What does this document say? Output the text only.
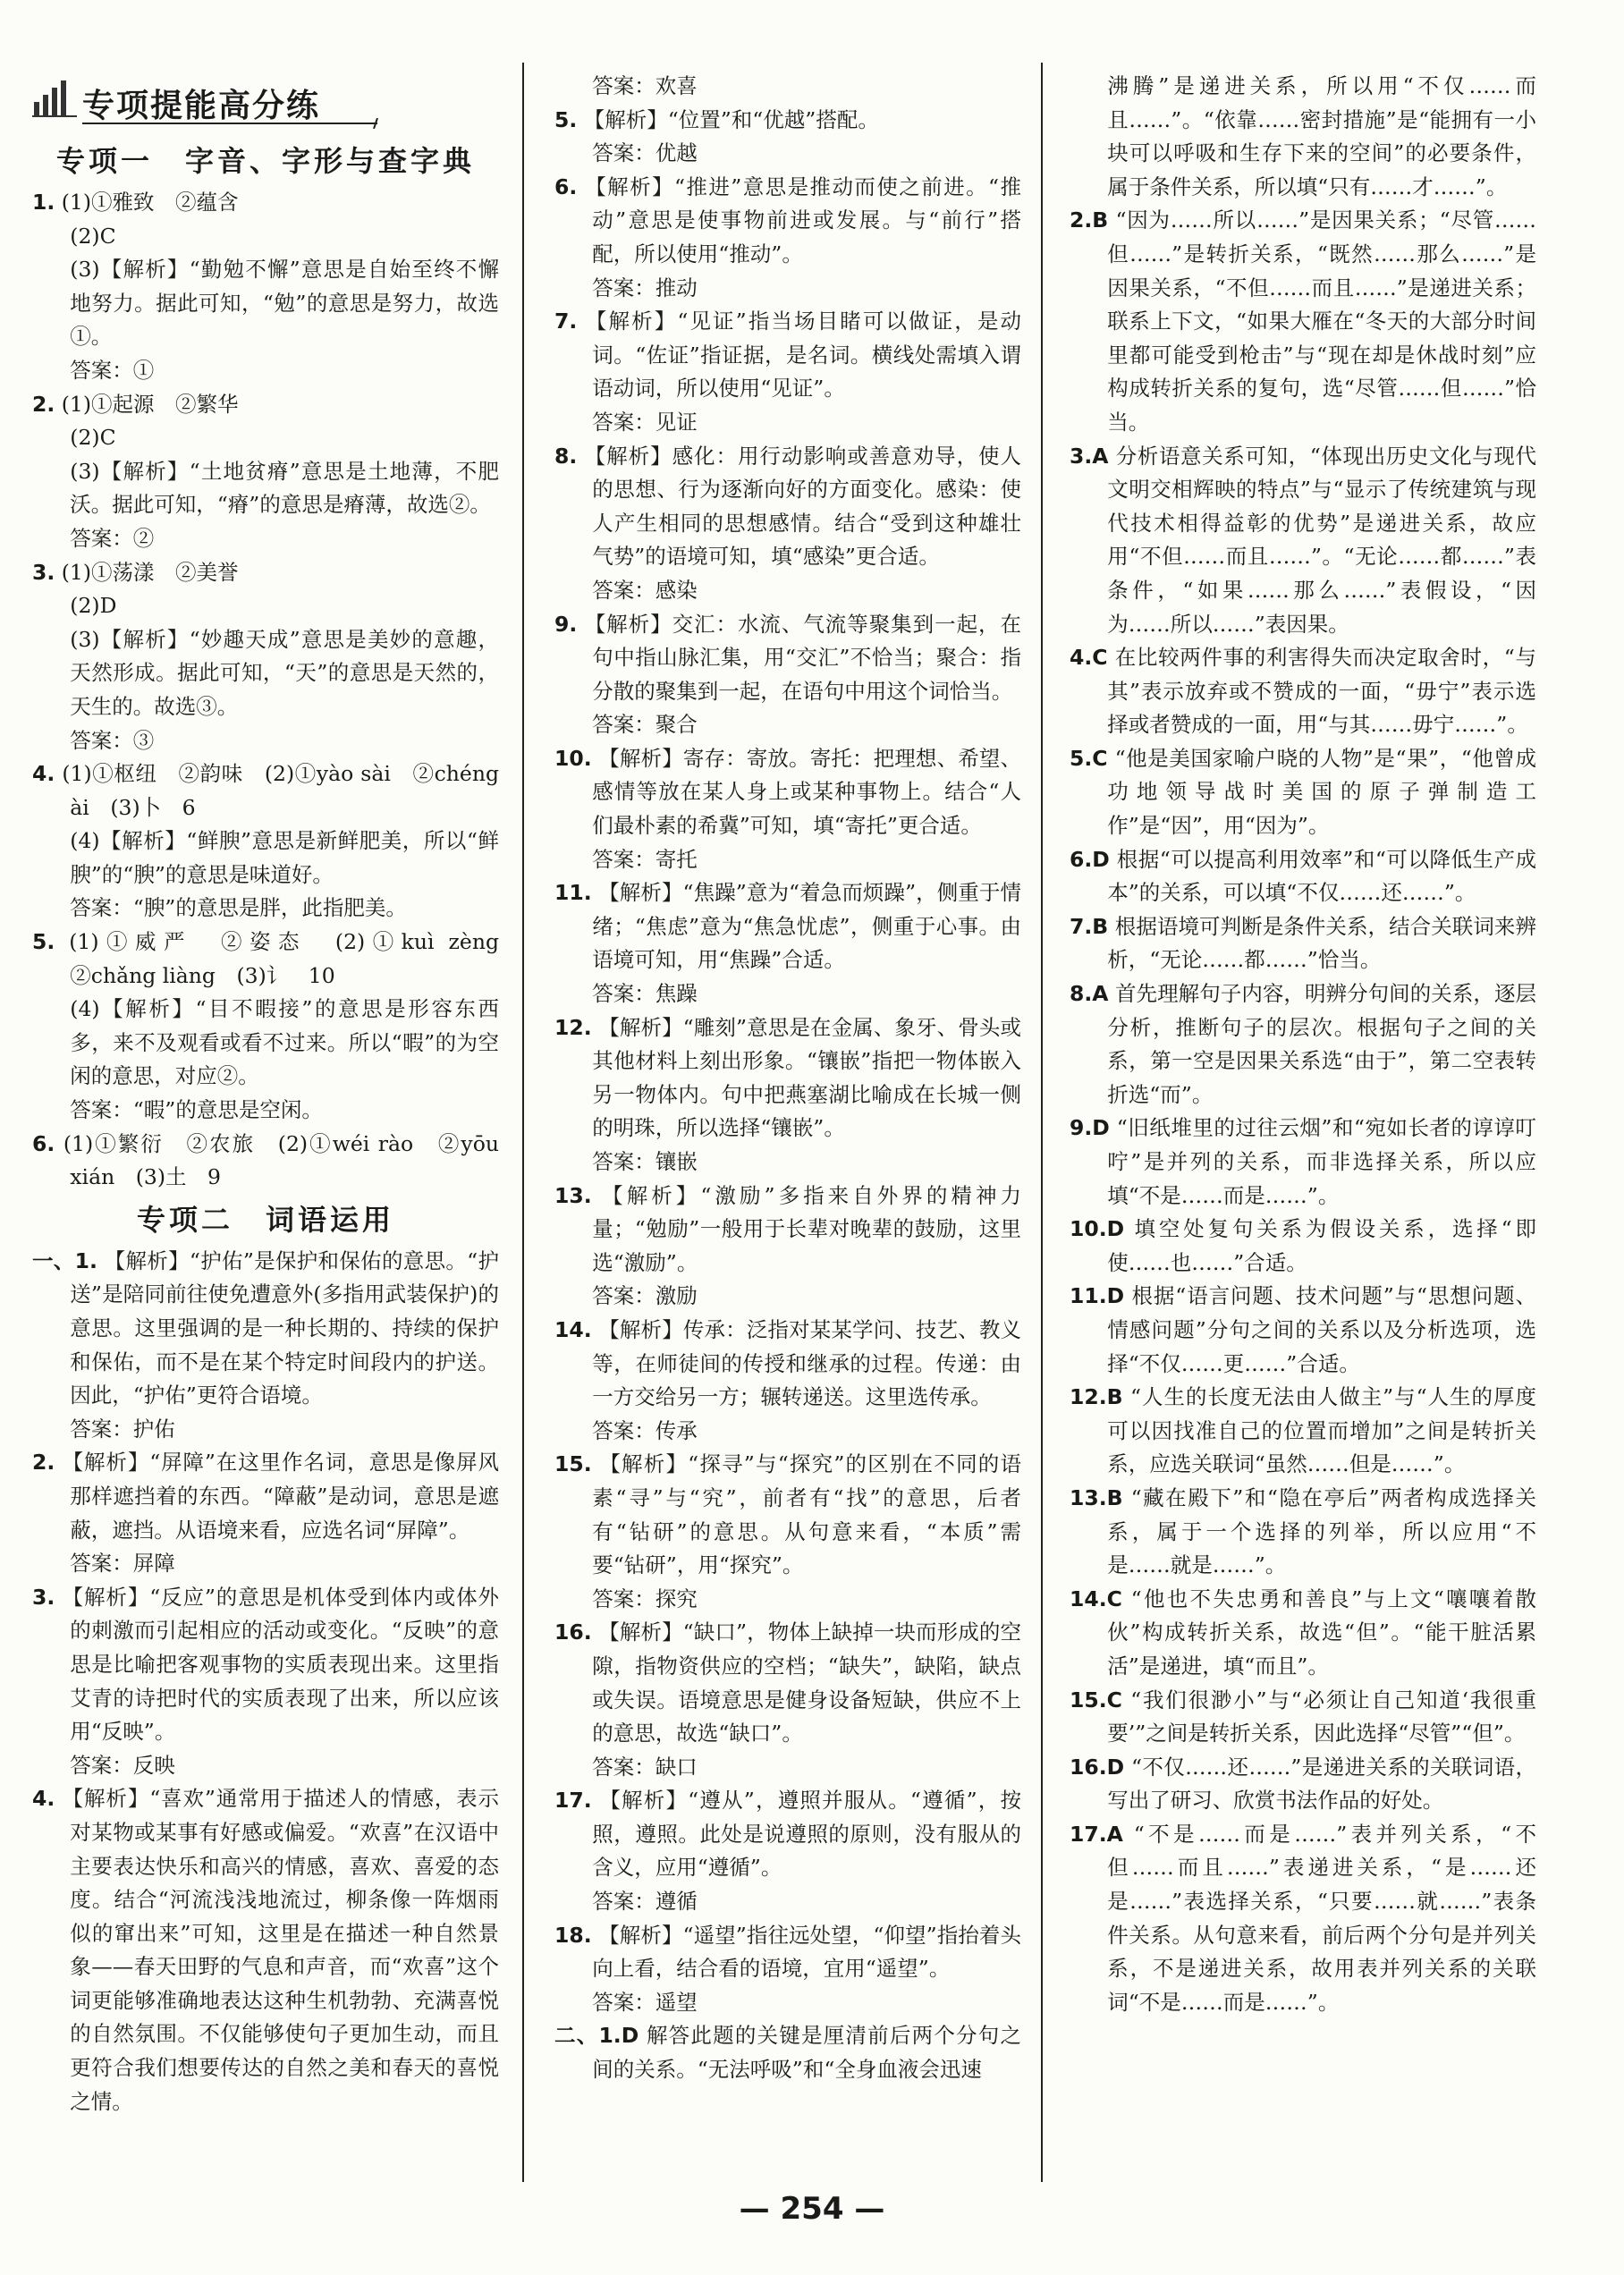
专项提能高分练

专项一　字音、字形与查字典

1. (1)①雅致　②蕴含

(2)C

(3)【解析】“勤勉不懈”意思是自始至终不懈地努力。据此可知，“勉”的意思是努力，故选①。

答案：①

2. (1)①起源　②繁华

(2)C

(3)【解析】“土地贫瘠”意思是土地薄，不肥沃。据此可知，“瘠”的意思是瘠薄，故选②。

答案：②

3. (1)①荡漾　②美誉

(2)D

(3)【解析】“妙趣天成”意思是美妙的意趣，天然形成。据此可知，“天”的意思是天然的，天生的。故选③。

答案：③

4. (1)①枢纽　②韵味　(2)①yào sài　②chéng ài　(3)卜　6

(4)【解析】“鲜腴”意思是新鲜肥美，所以“鲜腴”的“腴”的意思是味道好。

答案：“腴”的意思是胖，此指肥美。

5. (1)①威严　②姿态　(2)①kuì zèng　②chǎng liàng　(3)讠　10

(4)【解析】“目不暇接”的意思是形容东西多，来不及观看或看不过来。所以“暇”的为空闲的意思，对应②。

答案：“暇”的意思是空闲。

6. (1)①繁衍　②农旅　(2)①wéi rào　②yōu xián　(3)土　9

专项二　词语运用

一、1. 【解析】“护佑”是保护和保佑的意思。“护送”是陪同前往使免遭意外(多指用武装保护)的意思。这里强调的是一种长期的、持续的保护和保佑，而不是在某个特定时间段内的护送。因此，“护佑”更符合语境。

答案：护佑

2. 【解析】“屏障”在这里作名词，意思是像屏风那样遮挡着的东西。“障蔽”是动词，意思是遮蔽，遮挡。从语境来看，应选名词“屏障”。

答案：屏障

3. 【解析】“反应”的意思是机体受到体内或体外的刺激而引起相应的活动或变化。“反映”的意思是比喻把客观事物的实质表现出来。这里指艾青的诗把时代的实质表现了出来，所以应该用“反映”。

答案：反映

4. 【解析】“喜欢”通常用于描述人的情感，表示对某物或某事有好感或偏爱。“欢喜”在汉语中主要表达快乐和高兴的情感，喜欢、喜爱的态度。结合“河流浅浅地流过，柳条像一阵烟雨似的窜出来”可知，这里是在描述一种自然景象——春天田野的气息和声音，而“欢喜”这个词更能够准确地表达这种生机勃勃、充满喜悦的自然氛围。不仅能够使句子更加生动，而且更符合我们想要传达的自然之美和春天的喜悦之情。

答案：欢喜

5. 【解析】“位置”和“优越”搭配。

答案：优越

6. 【解析】“推进”意思是推动而使之前进。“推动”意思是使事物前进或发展。与“前行”搭配，所以使用“推动”。

答案：推动

7. 【解析】“见证”指当场目睹可以做证，是动词。“佐证”指证据，是名词。横线处需填入谓语动词，所以使用“见证”。

答案：见证

8. 【解析】感化：用行动影响或善意劝导，使人的思想、行为逐渐向好的方面变化。感染：使人产生相同的思想感情。结合“受到这种雄壮气势”的语境可知，填“感染”更合适。

答案：感染

9. 【解析】交汇：水流、气流等聚集到一起，在句中指山脉汇集，用“交汇”不恰当；聚合：指分散的聚集到一起，在语句中用这个词恰当。

答案：聚合

10. 【解析】寄存：寄放。寄托：把理想、希望、感情等放在某人身上或某种事物上。结合“人们最朴素的希冀”可知，填“寄托”更合适。

答案：寄托

11. 【解析】“焦躁”意为“着急而烦躁”，侧重于情绪；“焦虑”意为“焦急忧虑”，侧重于心事。由语境可知，用“焦躁”合适。

答案：焦躁

12. 【解析】“雕刻”意思是在金属、象牙、骨头或其他材料上刻出形象。“镶嵌”指把一物体嵌入另一物体内。句中把燕塞湖比喻成在长城一侧的明珠，所以选择“镶嵌”。

答案：镶嵌

13. 【解析】“激励”多指来自外界的精神力量；“勉励”一般用于长辈对晚辈的鼓励，这里选“激励”。

答案：激励

14. 【解析】传承：泛指对某某学问、技艺、教义等，在师徒间的传授和继承的过程。传递：由一方交给另一方；辗转递送。这里选传承。

答案：传承

15. 【解析】“探寻”与“探究”的区别在不同的语素“寻”与“究”，前者有“找”的意思，后者有“钻研”的意思。从句意来看，“本质”需要“钻研”，用“探究”。

答案：探究

16. 【解析】“缺口”，物体上缺掉一块而形成的空隙，指物资供应的空档；“缺失”，缺陷，缺点或失误。语境意思是健身设备短缺，供应不上的意思，故选“缺口”。

答案：缺口

17. 【解析】“遵从”，遵照并服从。“遵循”，按照，遵照。此处是说遵照的原则，没有服从的含义，应用“遵循”。

答案：遵循

18. 【解析】“遥望”指往远处望，“仰望”指抬着头向上看，结合看的语境，宜用“遥望”。

答案：遥望

二、1.D 解答此题的关键是厘清前后两个分句之间的关系。“无法呼吸”和“全身血液会迅速

沸腾”是递进关系，所以用“不仅……而且……”。“依靠……密封措施”是“能拥有一小块可以呼吸和生存下来的空间”的必要条件，属于条件关系，所以填“只有……才……”。

2.B “因为……所以……”是因果关系；“尽管……但……”是转折关系，“既然……那么……”是因果关系，“不但……而且……”是递进关系；联系上下文，“如果大雁在“冬天的大部分时间里都可能受到枪击”与“现在却是休战时刻”应构成转折关系的复句，选“尽管……但……”恰当。

3.A 分析语意关系可知，“体现出历史文化与现代文明交相辉映的特点”与“显示了传统建筑与现代技术相得益彰的优势”是递进关系，故应用“不但……而且……”。“无论……都……”表条件，“如果……那么……”表假设，“因为……所以……”表因果。

4.C 在比较两件事的利害得失而决定取舍时，“与其”表示放弃或不赞成的一面，“毋宁”表示选择或者赞成的一面，用“与其……毋宁……”。

5.C “他是美国家喻户晓的人物”是“果”，“他曾成功地领导战时美国的原子弹制造工作”是“因”，用“因为”。

6.D 根据“可以提高利用效率”和“可以降低生产成本”的关系，可以填“不仅……还……”。

7.B 根据语境可判断是条件关系，结合关联词来辨析，“无论……都……”恰当。

8.A 首先理解句子内容，明辨分句间的关系，逐层分析，推断句子的层次。根据句子之间的关系，第一空是因果关系选“由于”，第二空表转折选“而”。

9.D “旧纸堆里的过往云烟”和“宛如长者的谆谆叮咛”是并列的关系，而非选择关系，所以应填“不是……而是……”。

10.D 填空处复句关系为假设关系，选择“即使……也……”合适。

11.D 根据“语言问题、技术问题”与“思想问题、情感问题”分句之间的关系以及分析选项，选择“不仅……更……”合适。

12.B “人生的长度无法由人做主”与“人生的厚度可以因找准自己的位置而增加”之间是转折关系，应选关联词“虽然……但是……”。

13.B “藏在殿下”和“隐在亭后”两者构成选择关系，属于一个选择的列举，所以应用“不是……就是……”。

14.C “他也不失忠勇和善良”与上文“嚷嚷着散伙”构成转折关系，故选“但”。“能干脏活累活”是递进，填“而且”。

15.C “我们很渺小”与“必须让自己知道‘我很重要’”之间是转折关系，因此选择“尽管”“但”。

16.D “不仅……还……”是递进关系的关联词语，写出了研习、欣赏书法作品的好处。

17.A “不是……而是……”表并列关系，“不但……而且……”表递进关系，“是……还是……”表选择关系，“只要……就……”表条件关系。从句意来看，前后两个分句是并列关系，不是递进关系，故用表并列关系的关联词“不是……而是……”。

— 254 —
